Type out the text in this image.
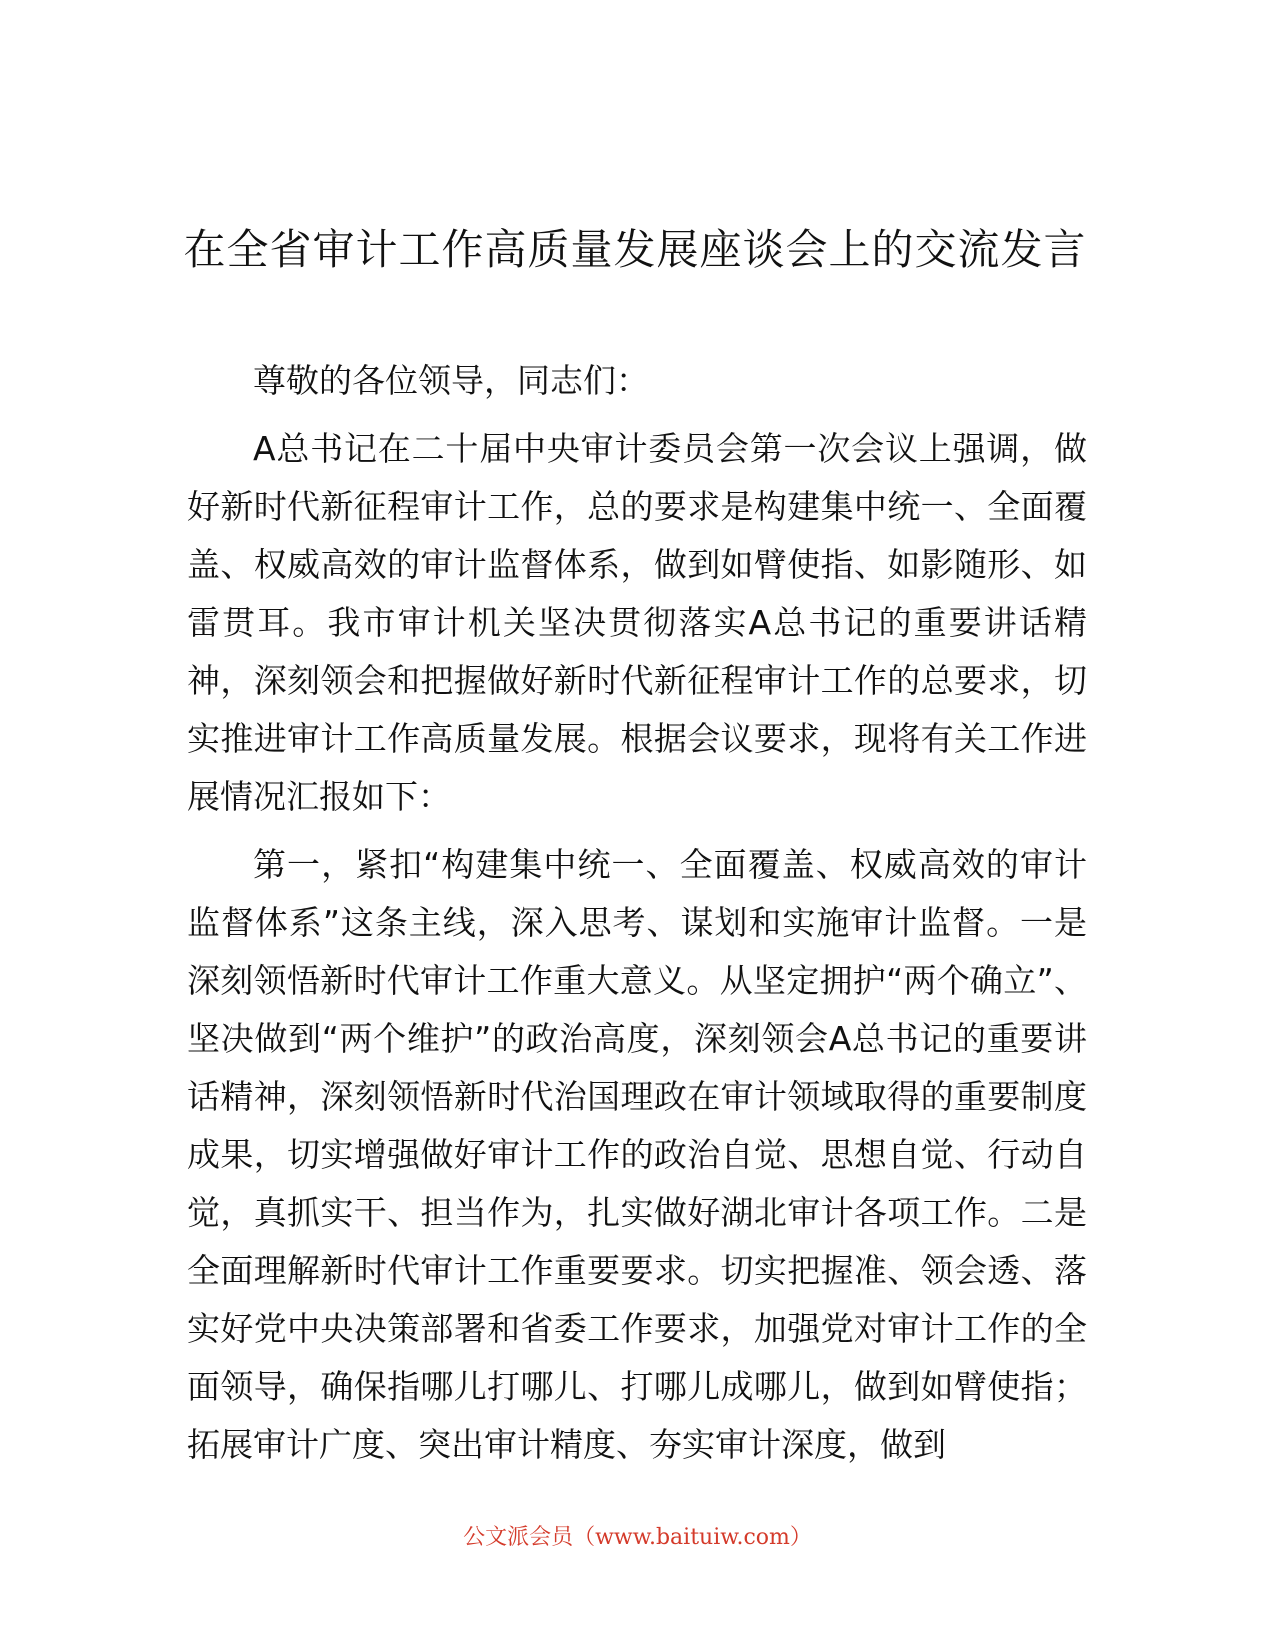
在全省审计工作高质量发展座谈会上的交流发言

尊敬的各位领导，同志们：

A总书记在二十届中央审计委员会第一次会议上强调，做好新时代新征程审计工作，总的要求是构建集中统一、全面覆盖、权威高效的审计监督体系，做到如臂使指、如影随形、如雷贯耳。我市审计机关坚决贯彻落实A总书记的重要讲话精神，深刻领会和把握做好新时代新征程审计工作的总要求，切实推进审计工作高质量发展。根据会议要求，现将有关工作进展情况汇报如下：

第一，紧扣“构建集中统一、全面覆盖、权威高效的审计监督体系”这条主线，深入思考、谋划和实施审计监督。一是深刻领悟新时代审计工作重大意义。从坚定拥护“两个确立”、坚决做到“两个维护”的政治高度，深刻领会A总书记的重要讲话精神，深刻领悟新时代治国理政在审计领域取得的重要制度成果，切实增强做好审计工作的政治自觉、思想自觉、行动自觉，真抓实干、担当作为，扎实做好湖北审计各项工作。二是全面理解新时代审计工作重要要求。切实把握准、领会透、落实好党中央决策部署和省委工作要求，加强党对审计工作的全面领导，确保指哪儿打哪儿、打哪儿成哪儿，做到如臂使指；拓展审计广度、突出审计精度、夯实审计深度，做到

公文派会员（www.baituiw.com）
